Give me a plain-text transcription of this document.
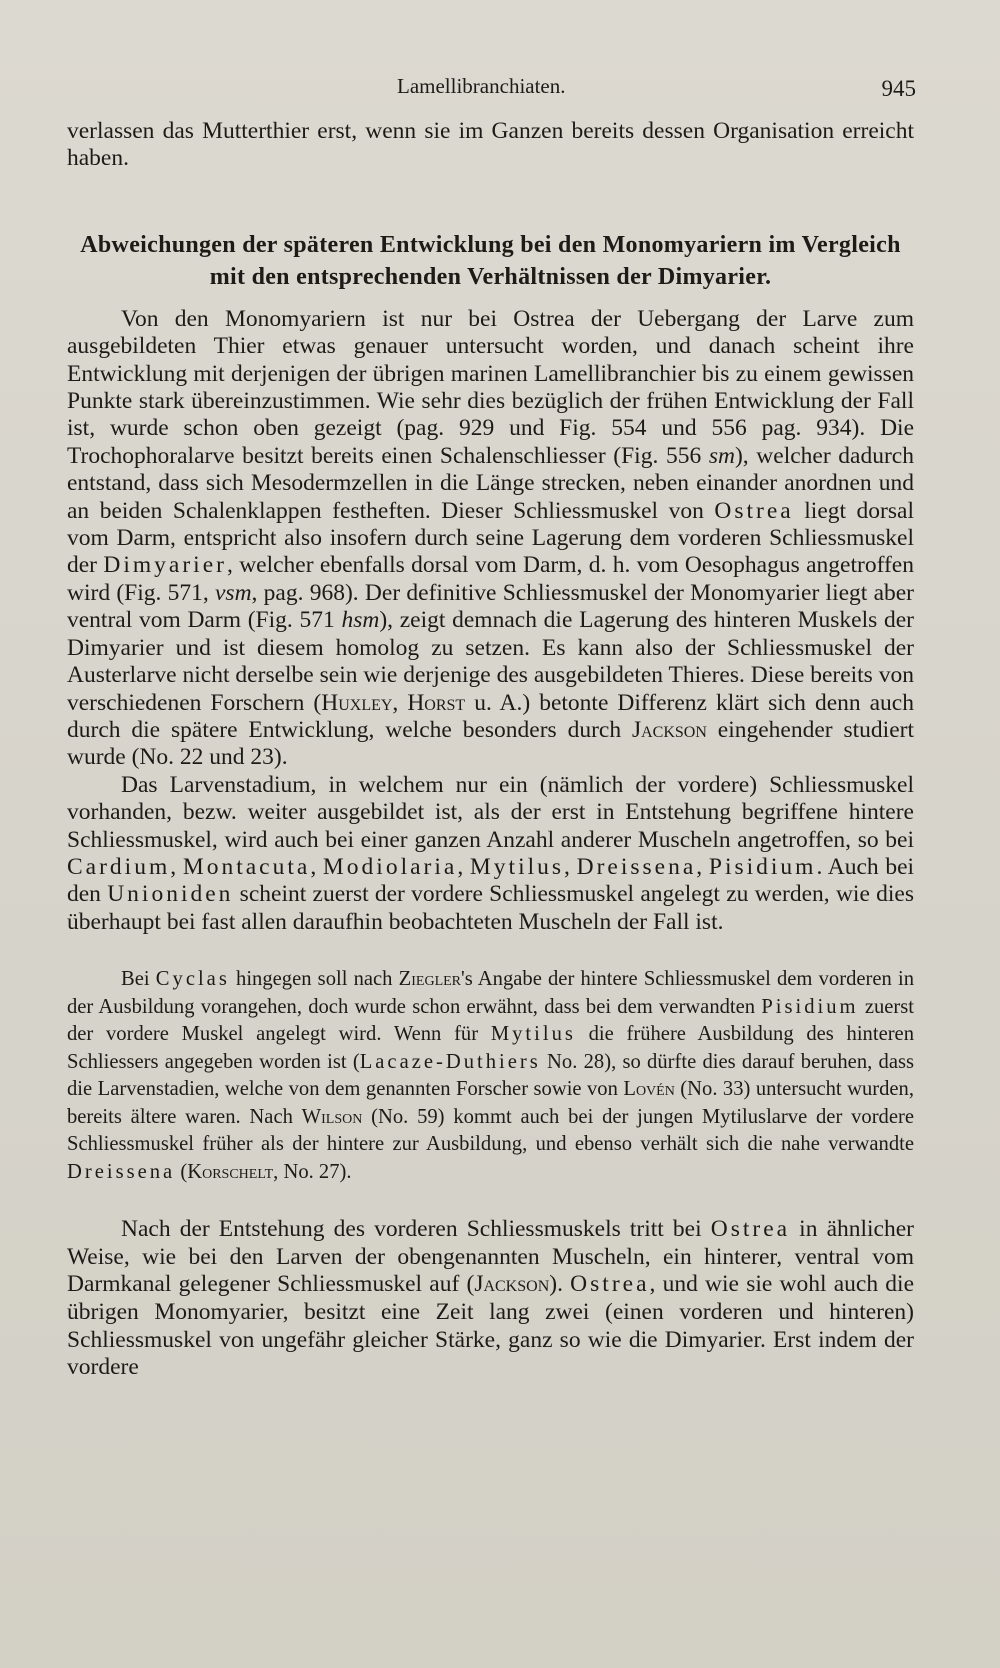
Lamellibranchiaten.	945

verlassen das Mutterthier erst, wenn sie im Ganzen bereits dessen Organisation erreicht haben.

Abweichungen der späteren Entwicklung bei den Monomyariern im Vergleich mit den entsprechenden Verhältnissen der Dimyarier.

Von den Monomyariern ist nur bei Ostrea der Uebergang der Larve zum ausgebildeten Thier etwas genauer untersucht worden, und danach scheint ihre Entwicklung mit derjenigen der übrigen marinen Lamellibranchier bis zu einem gewissen Punkte stark übereinzustimmen. Wie sehr dies bezüglich der frühen Entwicklung der Fall ist, wurde schon oben gezeigt (pag. 929 und Fig. 554 und 556 pag. 934). Die Trochophoralarve besitzt bereits einen Schalenschliesser (Fig. 556 sm), welcher dadurch entstand, dass sich Mesodermzellen in die Länge strecken, neben einander anordnen und an beiden Schalenklappen festheften. Dieser Schliessmuskel von Ostrea liegt dorsal vom Darm, entspricht also insofern durch seine Lagerung dem vorderen Schliessmuskel der Dimyarier, welcher ebenfalls dorsal vom Darm, d. h. vom Oesophagus angetroffen wird (Fig. 571, vsm, pag. 968). Der definitive Schliessmuskel der Monomyarier liegt aber ventral vom Darm (Fig. 571 hsm), zeigt demnach die Lagerung des hinteren Muskels der Dimyarier und ist diesem homolog zu setzen. Es kann also der Schliessmuskel der Austerlarve nicht derselbe sein wie derjenige des ausgebildeten Thieres. Diese bereits von verschiedenen Forschern (Huxley, Horst u. A.) betonte Differenz klärt sich denn auch durch die spätere Entwicklung, welche besonders durch Jackson eingehender studiert wurde (No. 22 und 23).

Das Larvenstadium, in welchem nur ein (nämlich der vordere) Schliessmuskel vorhanden, bezw. weiter ausgebildet ist, als der erst in Entstehung begriffene hintere Schliessmuskel, wird auch bei einer ganzen Anzahl anderer Muscheln angetroffen, so bei Cardium, Montacuta, Modiolaria, Mytilus, Dreissena, Pisidium. Auch bei den Unioniden scheint zuerst der vordere Schliessmuskel angelegt zu werden, wie dies überhaupt bei fast allen daraufhin beobachteten Muscheln der Fall ist.

Bei Cyclas hingegen soll nach Ziegler's Angabe der hintere Schliessmuskel dem vorderen in der Ausbildung vorangehen, doch wurde schon erwähnt, dass bei dem verwandten Pisidium zuerst der vordere Muskel angelegt wird. Wenn für Mytilus die frühere Ausbildung des hinteren Schliessers angegeben worden ist (Lacaze-Duthiers No. 28), so dürfte dies darauf beruhen, dass die Larvenstadien, welche von dem genannten Forscher sowie von Lovén (No. 33) untersucht wurden, bereits ältere waren. Nach Wilson (No. 59) kommt auch bei der jungen Mytiluslarve der vordere Schliessmuskel früher als der hintere zur Ausbildung, und ebenso verhält sich die nahe verwandte Dreissena (Korschelt, No. 27).

Nach der Entstehung des vorderen Schliessmuskels tritt bei Ostrea in ähnlicher Weise, wie bei den Larven der obengenannten Muscheln, ein hinterer, ventral vom Darmkanal gelegener Schliessmuskel auf (Jackson). Ostrea, und wie sie wohl auch die übrigen Monomyarier, besitzt eine Zeit lang zwei (einen vorderen und hinteren) Schliessmuskel von ungefähr gleicher Stärke, ganz so wie die Dimyarier. Erst indem der vordere
